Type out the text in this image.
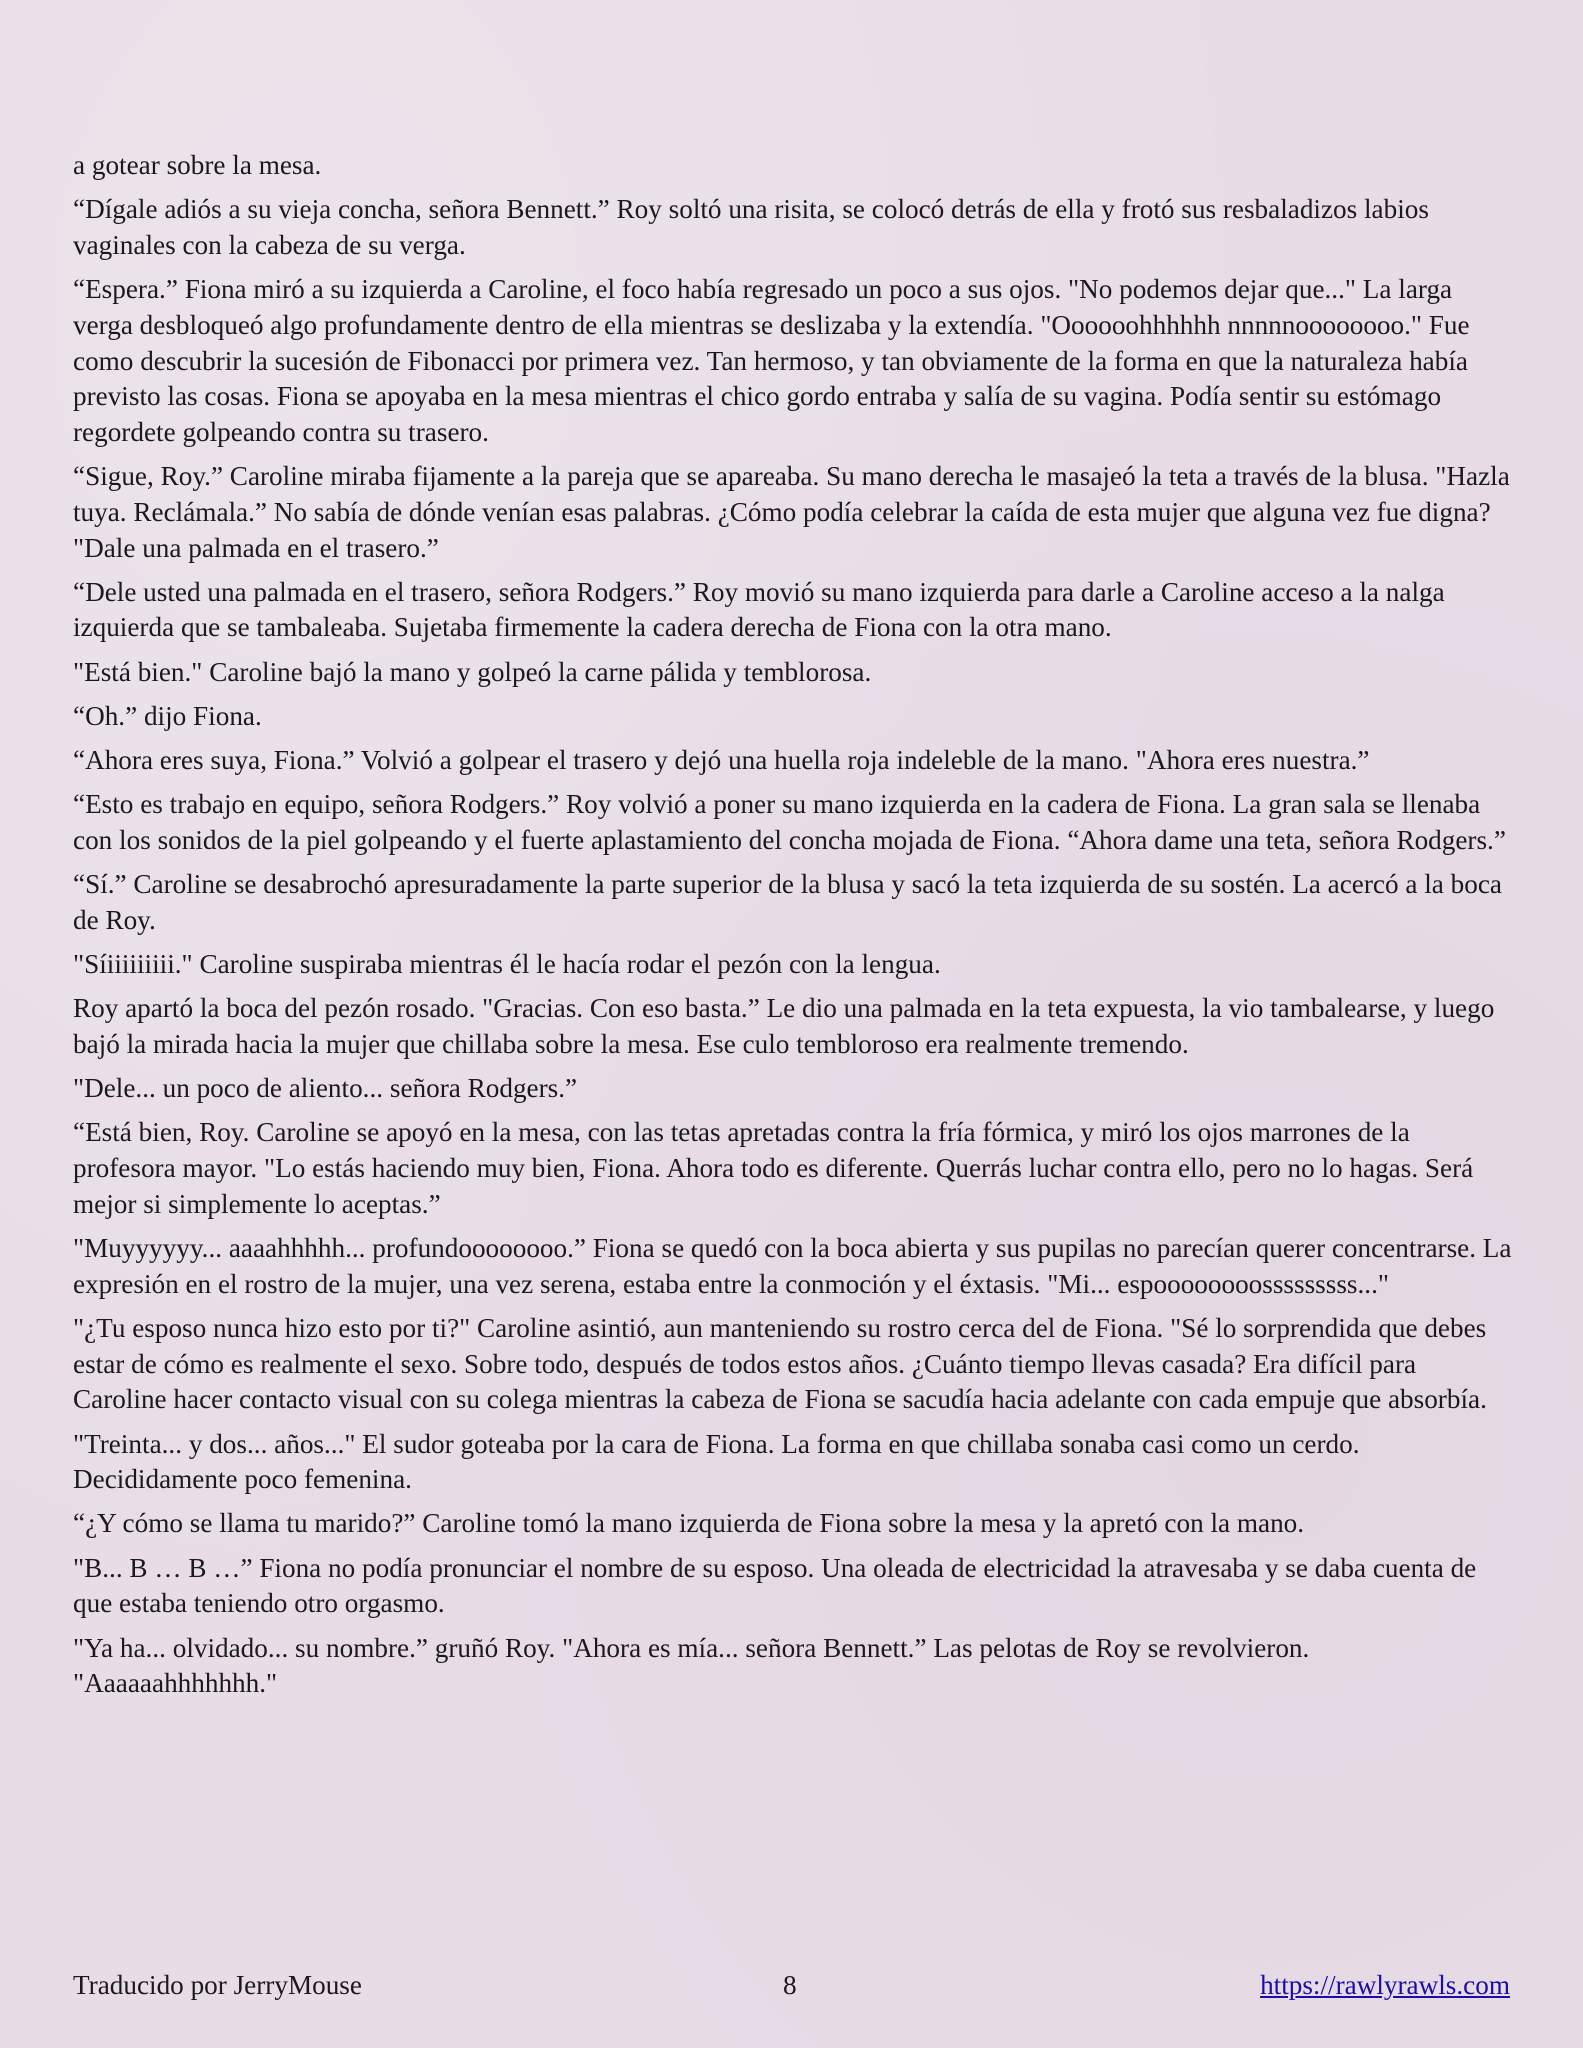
a gotear sobre la mesa.

“Dígale adiós a su vieja concha, señora Bennett.” Roy soltó una risita, se colocó detrás de ella y frotó sus resbaladizos labios vaginales con la cabeza de su verga.

“Espera.” Fiona miró a su izquierda a Caroline, el foco había regresado un poco a sus ojos. "No podemos dejar que..." La larga verga desbloqueó algo profundamente dentro de ella mientras se deslizaba y la extendía. "Oooooohhhhhh nnnnnoooooooo." Fue como descubrir la sucesión de Fibonacci por primera vez. Tan hermoso, y tan obviamente de la forma en que la naturaleza había previsto las cosas. Fiona se apoyaba en la mesa mientras el chico gordo entraba y salía de su vagina. Podía sentir su estómago regordete golpeando contra su trasero.

“Sigue, Roy.” Caroline miraba fijamente a la pareja que se apareaba. Su mano derecha le masajeó la teta a través de la blusa. "Hazla tuya. Reclámala.” No sabía de dónde venían esas palabras. ¿Cómo podía celebrar la caída de esta mujer que alguna vez fue digna? "Dale una palmada en el trasero.”

“Dele usted una palmada en el trasero, señora Rodgers.” Roy movió su mano izquierda para darle a Caroline acceso a la nalga izquierda que se tambaleaba. Sujetaba firmemente la cadera derecha de Fiona con la otra mano.

"Está bien." Caroline bajó la mano y golpeó la carne pálida y temblorosa.

“Oh.” dijo Fiona.

“Ahora eres suya, Fiona.” Volvió a golpear el trasero y dejó una huella roja indeleble de la mano. "Ahora eres nuestra.”

“Esto es trabajo en equipo, señora Rodgers.” Roy volvió a poner su mano izquierda en la cadera de Fiona. La gran sala se llenaba con los sonidos de la piel golpeando y el fuerte aplastamiento del concha mojada de Fiona. “Ahora dame una teta, señora Rodgers.”

“Sí.” Caroline se desabrochó apresuradamente la parte superior de la blusa y sacó la teta izquierda de su sostén. La acercó a la boca de Roy.

"Síiiiiiiiii." Caroline suspiraba mientras él le hacía rodar el pezón con la lengua.

Roy apartó la boca del pezón rosado. "Gracias. Con eso basta.” Le dio una palmada en la teta expuesta, la vio tambalearse, y luego bajó la mirada hacia la mujer que chillaba sobre la mesa. Ese culo tembloroso era realmente tremendo.

"Dele... un poco de aliento... señora Rodgers.”

“Está bien, Roy. Caroline se apoyó en la mesa, con las tetas apretadas contra la fría fórmica, y miró los ojos marrones de la profesora mayor. "Lo estás haciendo muy bien, Fiona. Ahora todo es diferente. Querrás luchar contra ello, pero no lo hagas. Será mejor si simplemente lo aceptas.”

"Muyyyyyy... aaaahhhhh... profundoooooooo.” Fiona se quedó con la boca abierta y sus pupilas no parecían querer concentrarse. La expresión en el rostro de la mujer, una vez serena, estaba entre la conmoción y el éxtasis. "Mi... espoooooooosssssssss..."

"¿Tu esposo nunca hizo esto por ti?" Caroline asintió, aun manteniendo su rostro cerca del de Fiona. "Sé lo sorprendida que debes estar de cómo es realmente el sexo. Sobre todo, después de todos estos años. ¿Cuánto tiempo llevas casada? Era difícil para Caroline hacer contacto visual con su colega mientras la cabeza de Fiona se sacudía hacia adelante con cada empuje que absorbía.

"Treinta... y dos... años..." El sudor goteaba por la cara de Fiona. La forma en que chillaba sonaba casi como un cerdo. Decididamente poco femenina.

“¿Y cómo se llama tu marido?” Caroline tomó la mano izquierda de Fiona sobre la mesa y la apretó con la mano.

"B... B … B …” Fiona no podía pronunciar el nombre de su esposo. Una oleada de electricidad la atravesaba y se daba cuenta de que estaba teniendo otro orgasmo.

"Ya ha... olvidado... su nombre.” gruñó Roy. "Ahora es mía... señora Bennett.” Las pelotas de Roy se revolvieron. "Aaaaaahhhhhhh."

Traducido por JerryMouse	8	https://rawlyrawls.com
